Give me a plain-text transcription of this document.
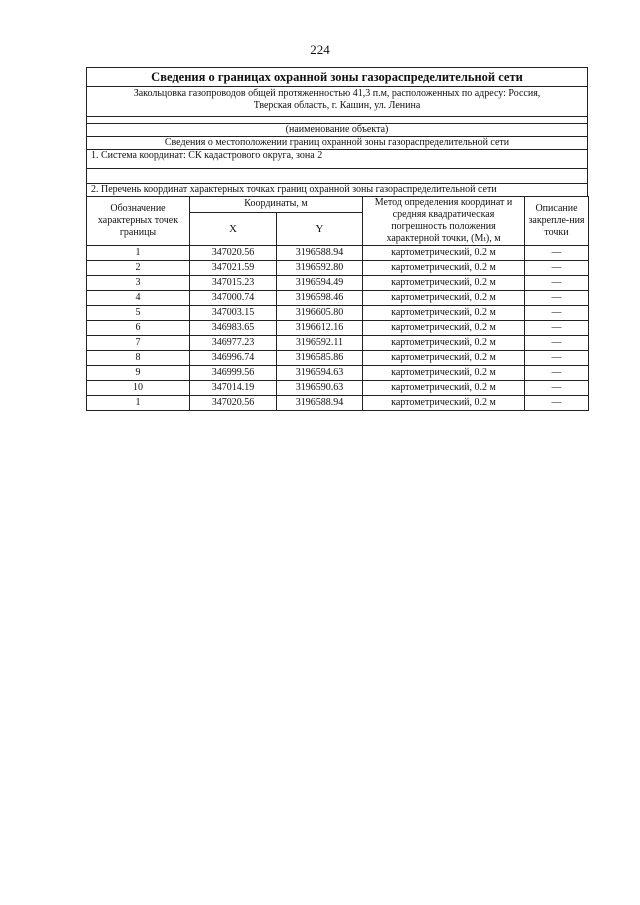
224
Сведения о границах охранной зоны газораспределительной сети
Закольцовка газопроводов общей протяженностью 41,3 п.м, расположенных по адресу: Россия,
Тверская область, г. Кашин, ул. Ленина

(наименование объекта)
Сведения о местоположении границ охранной зоны газораспределительной сети
1. Система координат: СК кадастрового округа, зона 2

2. Перечень координат характерных точках границ охранной зоны газораспределительной сети
Обозначение характерных точек границы	Координаты, м		Метод определения координат и средняя квадратическая погрешность положения характерной точки, (Mₜ), м	Описание закрепле-ния точки
	X	Y		
1	347020.56	3196588.94	картометрический, 0.2 м	—
2	347021.59	3196592.80	картометрический, 0.2 м	—
3	347015.23	3196594.49	картометрический, 0.2 м	—
4	347000.74	3196598.46	картометрический, 0.2 м	—
5	347003.15	3196605.80	картометрический, 0.2 м	—
6	346983.65	3196612.16	картометрический, 0.2 м	—
7	346977.23	3196592.11	картометрический, 0.2 м	—
8	346996.74	3196585.86	картометрический, 0.2 м	—
9	346999.56	3196594.63	картометрический, 0.2 м	—
10	347014.19	3196590.63	картометрический, 0.2 м	—
1	347020.56	3196588.94	картометрический, 0.2 м	—
